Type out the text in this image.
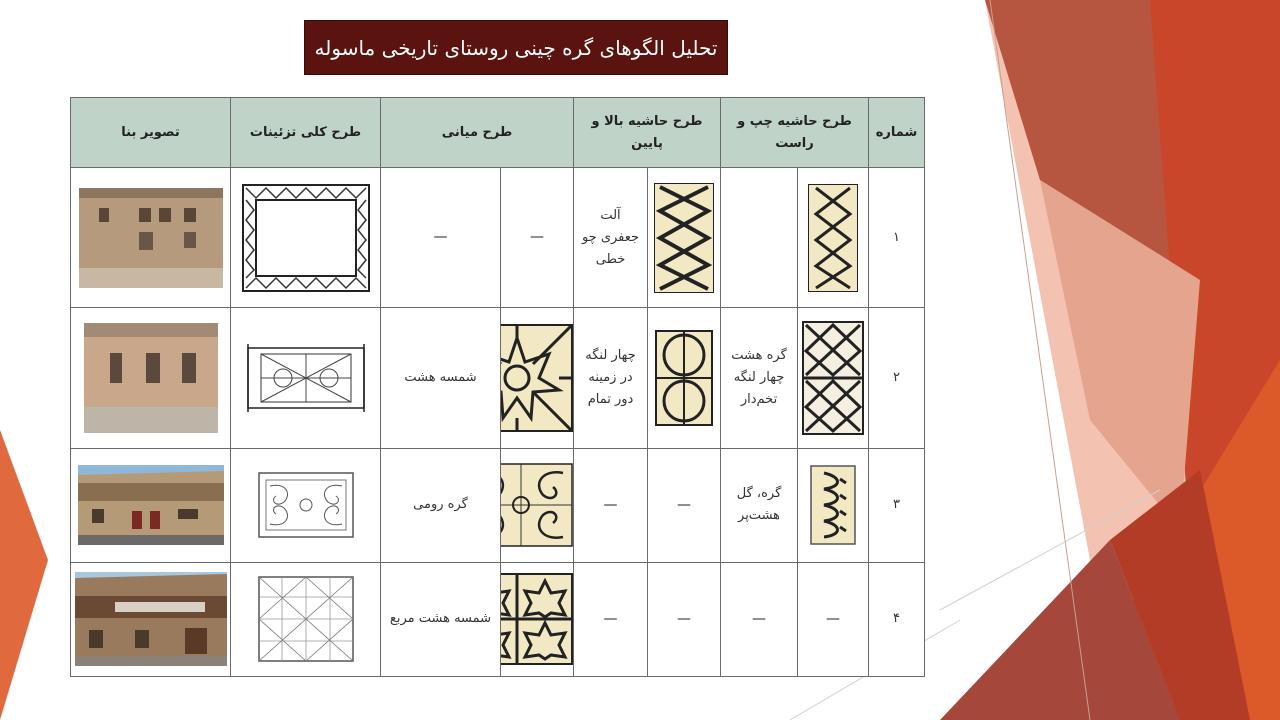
تحلیل الگوهای گره چینی روستای تاریخی ماسوله
شماره	طرح حاشیه چپ و راست		طرح حاشیه بالا و پایین		طرح میانی		طرح کلی تزئینات	تصویر بنا
۱				آلت جعفری چو خطی	—	—	

۲		گره هشت چهار لنگه تخم‌دار		چهار لنگه در زمینه دور تمام		شمسه هشت

۳		گره، گل هشت‌پر	—	—		گره رومی

۴	—	—	—	—		شمسه هشت مربع
